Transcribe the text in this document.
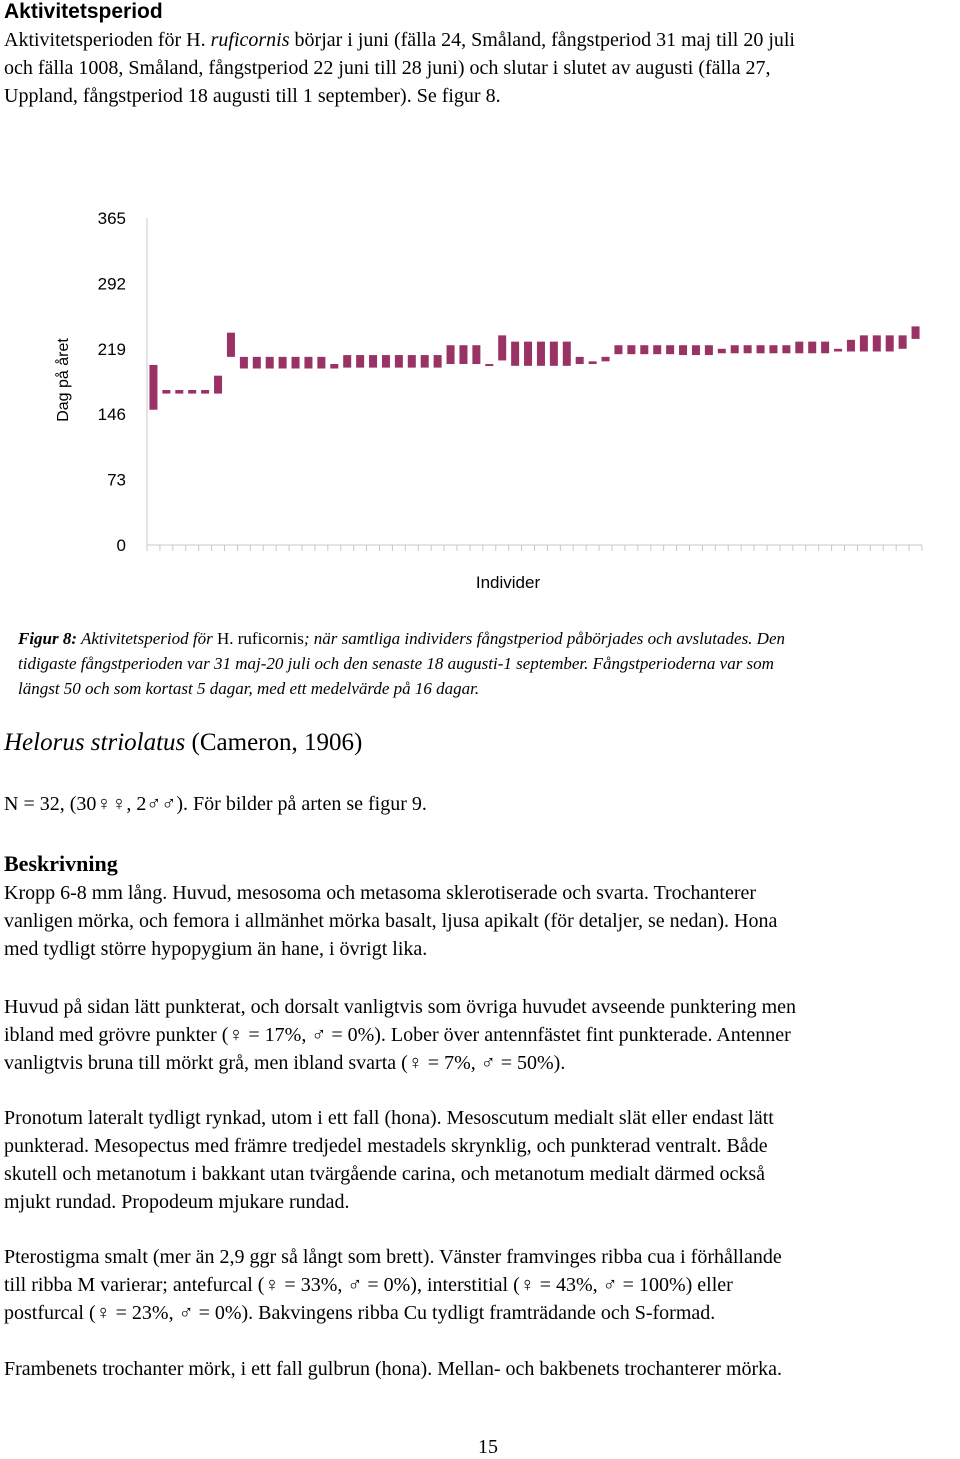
Aktivitetsperiod
Aktivitetsperioden för H. ruficornis börjar i juni (fälla 24, Småland, fångstperiod 31 maj till 20 juli
och fälla 1008, Småland, fångstperiod 22 juni till 28 juni) och slutar i slutet av augusti (fälla 27,
Uppland, fångstperiod 18 augusti till 1 september). Se figur 8.
365
292
219
146
73
0
Dag på året
Individer
Figur 8: Aktivitetsperiod för H. ruficornis; när samtliga individers fångstperiod påbörjades och avslutades. Den
tidigaste fångstperioden var 31 maj-20 juli och den senaste 18 augusti-1 september. Fångstperioderna var som
längst 50 och som kortast 5 dagar, med ett medelvärde på 16 dagar.
Helorus striolatus (Cameron, 1906)
N = 32, (30♀♀, 2♂♂). För bilder på arten se figur 9.
Beskrivning
Kropp 6-8 mm lång. Huvud, mesosoma och metasoma sklerotiserade och svarta. Trochanterer
vanligen mörka, och femora i allmänhet mörka basalt, ljusa apikalt (för detaljer, se nedan). Hona
med tydligt större hypopygium än hane, i övrigt lika.
Huvud på sidan lätt punkterat, och dorsalt vanligtvis som övriga huvudet avseende punktering men
ibland med grövre punkter (♀ = 17%, ♂ = 0%). Lober över antennfästet fint punkterade. Antenner
vanligtvis bruna till mörkt grå, men ibland svarta (♀ = 7%, ♂ = 50%).
Pronotum lateralt tydligt rynkad, utom i ett fall (hona). Mesoscutum medialt slät eller endast lätt
punkterad. Mesopectus med främre tredjedel mestadels skrynklig, och punkterad ventralt. Både
skutell och metanotum i bakkant utan tvärgående carina, och metanotum medialt därmed också
mjukt rundad. Propodeum mjukare rundad.
Pterostigma smalt (mer än 2,9 ggr så långt som brett). Vänster framvinges ribba cua i förhållande
till ribba M varierar; antefurcal (♀ = 33%, ♂ = 0%), interstitial (♀ = 43%, ♂ = 100%) eller
postfurcal (♀ = 23%, ♂ = 0%). Bakvingens ribba Cu tydligt framträdande och S-formad.
Frambenets trochanter mörk, i ett fall gulbrun (hona). Mellan- och bakbenets trochanterer mörka.
15
